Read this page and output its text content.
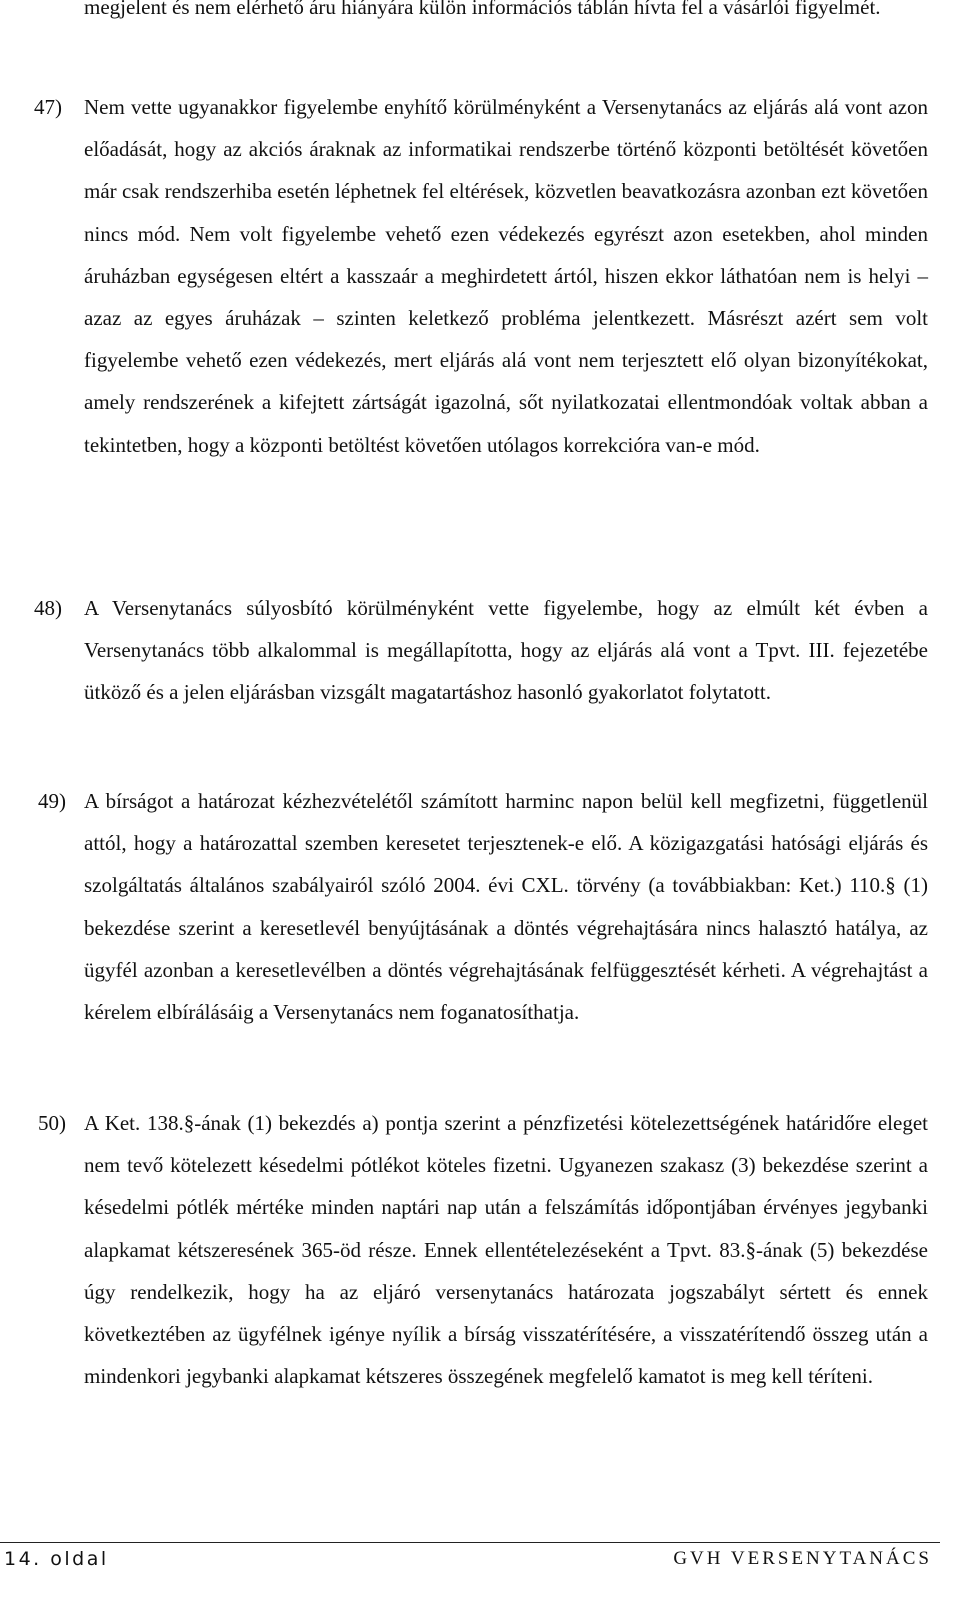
megjelent és nem elérhető áru hiányára külön információs táblán hívta fel a vásárlói figyelmét.

47)	Nem vette ugyanakkor figyelembe enyhítő körülményként a Versenytanács az eljárás alá vont azon előadását, hogy az akciós áraknak az informatikai rendszerbe történő központi betöltését követően már csak rendszerhiba esetén léphetnek fel eltérések, közvetlen beavatkozásra azonban ezt követően nincs mód. Nem volt figyelembe vehető ezen védekezés egyrészt azon esetekben, ahol minden áruházban egységesen eltért a kasszaár a meghirdetett ártól, hiszen ekkor láthatóan nem is helyi – azaz az egyes áruházak – szinten keletkező probléma jelentkezett. Másrészt azért sem volt figyelembe vehető ezen védekezés, mert eljárás alá vont nem terjesztett elő olyan bizonyítékokat, amely rendszerének a kifejtett zártságát igazolná, sőt nyilatkozatai ellentmondóak voltak abban a tekintetben, hogy a központi betöltést követően utólagos korrekcióra van-e mód.

48)	A Versenytanács súlyosbító körülményként vette figyelembe, hogy az elmúlt két évben a Versenytanács több alkalommal is megállapította, hogy az eljárás alá vont a Tpvt. III. fejezetébe ütköző és a jelen eljárásban vizsgált magatartáshoz hasonló gyakorlatot folytatott.

49) A bírságot a határozat kézhezvételétől számított harminc napon belül kell megfizetni, függetlenül attól, hogy a határozattal szemben keresetet terjesztenek-e elő. A közigazgatási hatósági eljárás és szolgáltatás általános szabályairól szóló 2004. évi CXL. törvény (a továbbiakban: Ket.) 110.§ (1) bekezdése szerint a keresetlevél benyújtásának a döntés végrehajtására nincs halasztó hatálya, az ügyfél azonban a keresetlevélben a döntés végrehajtásának felfüggesztését kérheti. A végrehajtást a kérelem elbírálásáig a Versenytanács nem foganatosíthatja.

50) A Ket. 138.§-ának (1) bekezdés a) pontja szerint a pénzfizetési kötelezettségének határidőre eleget nem tevő kötelezett késedelmi pótlékot köteles fizetni. Ugyanezen szakasz (3) bekezdése szerint a késedelmi pótlék mértéke minden naptári nap után a felszámítás időpontjában érvényes jegybanki alapkamat kétszeresének 365-öd része. Ennek ellentételezéseként a Tpvt. 83.§-ának (5) bekezdése úgy rendelkezik, hogy ha az eljáró versenytanács határozata jogszabályt sértett és ennek következtében az ügyfélnek igénye nyílik a bírság visszatérítésére, a visszatérítendő összeg után a mindenkori jegybanki alapkamat kétszeres összegének megfelelő kamatot is meg kell téríteni.

14. oldal	GVH VERSENYTANÁCS
